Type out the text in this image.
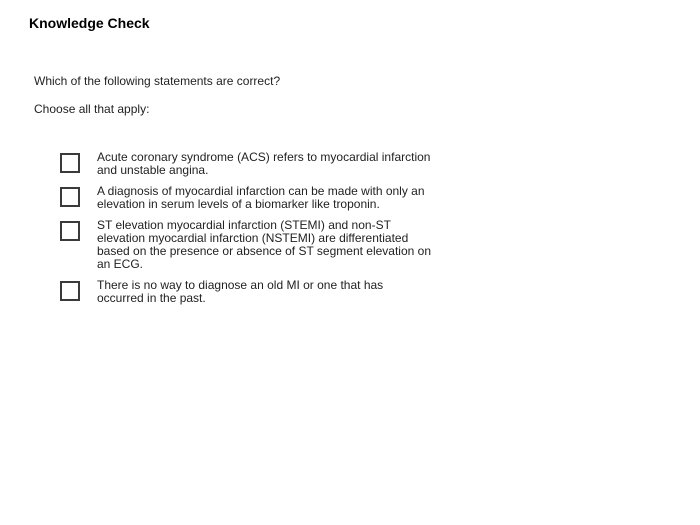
Knowledge Check
Which of the following statements are correct?
Choose all that apply:
Acute coronary syndrome (ACS) refers to myocardial infarction and unstable angina.
A diagnosis of myocardial infarction can be made with only an elevation in serum levels of a biomarker like troponin.
ST elevation myocardial infarction (STEMI) and non-ST elevation myocardial infarction (NSTEMI) are differentiated based on the presence or absence of ST segment elevation on an ECG.
There is no way to diagnose an old MI or one that has occurred in the past.
